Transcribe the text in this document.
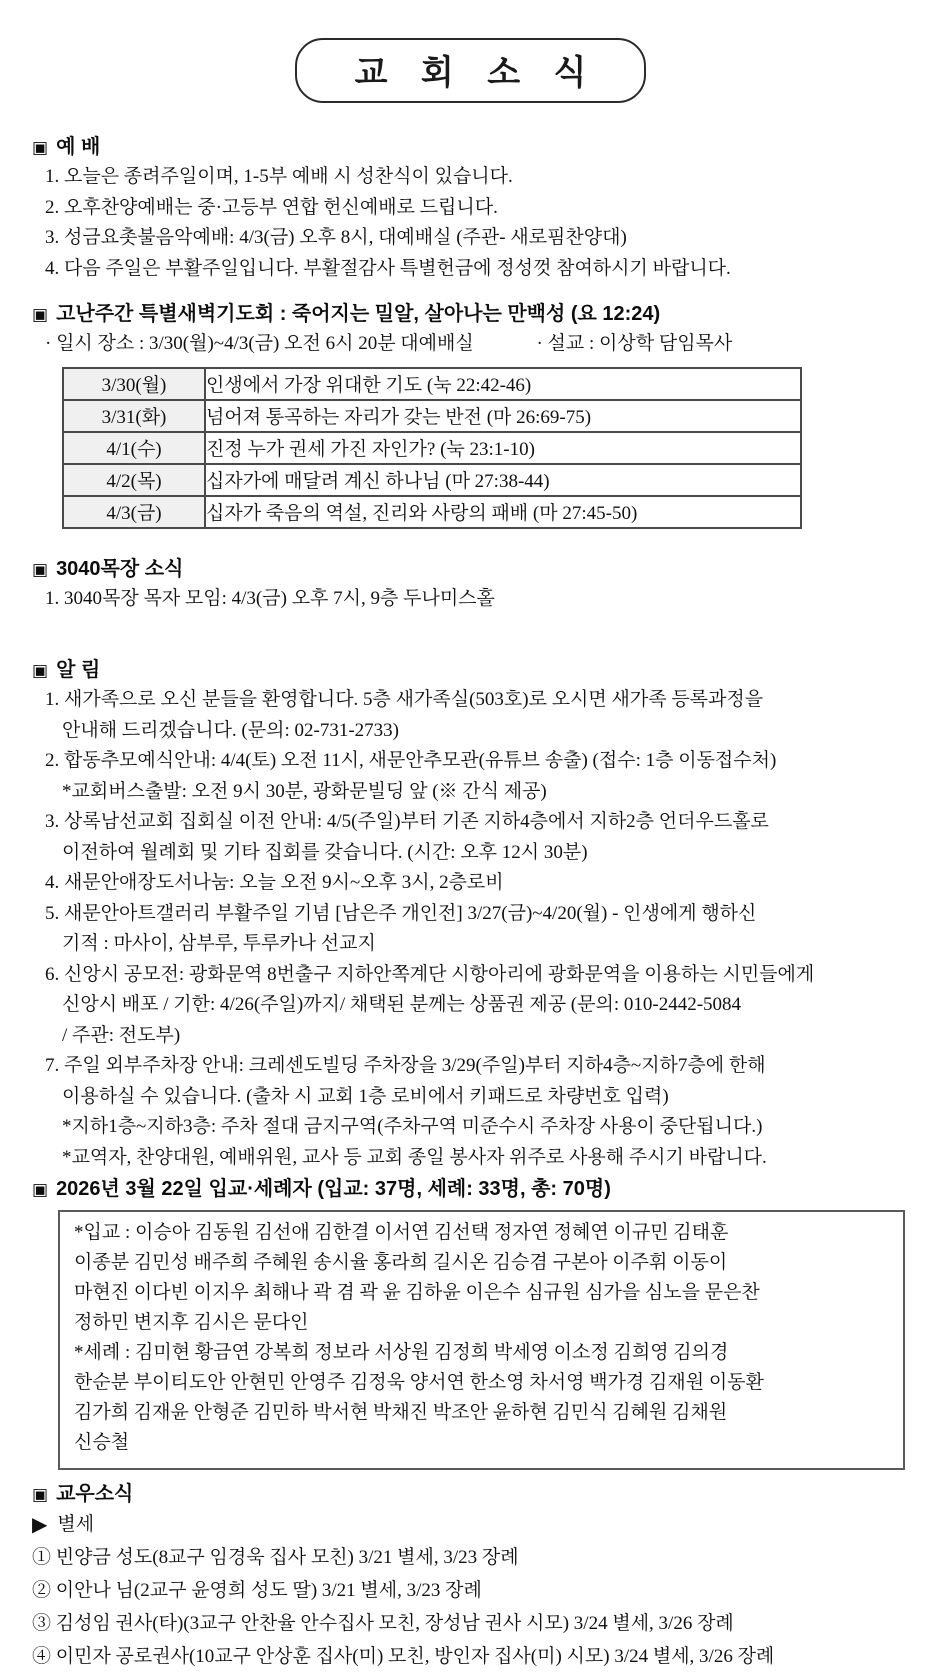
교 회 소 식
▣ 예 배
1. 오늘은 종려주일이며, 1-5부 예배 시 성찬식이 있습니다.
2. 오후찬양예배는 중·고등부 연합 헌신예배로 드립니다.
3. 성금요촛불음악예배: 4/3(금) 오후 8시, 대예배실 (주관- 새로핌찬양대)
4. 다음 주일은 부활주일입니다. 부활절감사 특별헌금에 정성껏 참여하시기 바랍니다.
▣ 고난주간 특별새벽기도회 : 죽어지는 밀알, 살아나는 만백성 (요 12:24)
· 일시 장소 : 3/30(월)~4/3(금) 오전 6시 20분 대예배실	· 설교 : 이상학 담임목사
3/30(월)	인생에서 가장 위대한 기도 (눅 22:42-46)
3/31(화)	넘어져 통곡하는 자리가 갖는 반전 (마 26:69-75)
4/1(수)	진정 누가 권세 가진 자인가? (눅 23:1-10)
4/2(목)	십자가에 매달려 계신 하나님 (마 27:38-44)
4/3(금)	십자가 죽음의 역설, 진리와 사랑의 패배 (마 27:45-50)
▣ 3040목장 소식
1. 3040목장 목자 모임: 4/3(금) 오후 7시, 9층 두나미스홀
▣ 알 림
1. 새가족으로 오신 분들을 환영합니다. 5층 새가족실(503호)로 오시면 새가족 등록과정을
안내해 드리겠습니다. (문의: 02-731-2733)
2. 합동추모예식안내: 4/4(토) 오전 11시, 새문안추모관(유튜브 송출) (접수: 1층 이동접수처)
*교회버스출발: 오전 9시 30분, 광화문빌딩 앞 (※ 간식 제공)
3. 상록남선교회 집회실 이전 안내: 4/5(주일)부터 기존 지하4층에서 지하2층 언더우드홀로
이전하여 월례회 및 기타 집회를 갖습니다. (시간: 오후 12시 30분)
4. 새문안애장도서나눔: 오늘 오전 9시~오후 3시, 2층로비
5. 새문안아트갤러리 부활주일 기념 [남은주 개인전] 3/27(금)~4/20(월) - 인생에게 행하신
기적 : 마사이, 삼부루, 투루카나 선교지
6. 신앙시 공모전: 광화문역 8번출구 지하안쪽계단 시항아리에 광화문역을 이용하는 시민들에게
신앙시 배포 / 기한: 4/26(주일)까지/ 채택된 분께는 상품권 제공 (문의: 010-2442-5084
/ 주관: 전도부)
7. 주일 외부주차장 안내: 크레센도빌딩 주차장을 3/29(주일)부터 지하4층~지하7층에 한해
이용하실 수 있습니다. (출차 시 교회 1층 로비에서 키패드로 차량번호 입력)
*지하1층~지하3층: 주차 절대 금지구역(주차구역 미준수시 주차장 사용이 중단됩니다.)
*교역자, 찬양대원, 예배위원, 교사 등 교회 종일 봉사자 위주로 사용해 주시기 바랍니다.
▣ 2026년 3월 22일 입교·세례자 (입교: 37명, 세례: 33명, 총: 70명)
*입교 : 이승아 김동원 김선애 김한결 이서연 김선택 정자연 정혜연 이규민 김태훈
이종분 김민성 배주희 주혜원 송시율 홍라희 길시온 김승겸 구본아 이주휘 이동이
마현진 이다빈 이지우 최해나 곽 겸 곽 윤 김하윤 이은수 심규원 심가을 심노을 문은찬
정하민 변지후 김시은 문다인
*세례 : 김미현 황금연 강복희 정보라 서상원 김정희 박세영 이소정 김희영 김의경
한순분 부이티도안 안현민 안영주 김정욱 양서연 한소영 차서영 백가경 김재원 이동환
김가희 김재윤 안형준 김민하 박서현 박채진 박조안 윤하현 김민식 김혜원 김채원
신승철
▣ 교우소식
▶ 별세
① 빈양금 성도(8교구 임경욱 집사 모친) 3/21 별세, 3/23 장례
② 이안나 님(2교구 윤영희 성도 딸) 3/21 별세, 3/23 장례
③ 김성임 권사(타)(3교구 안찬율 안수집사 모친, 장성남 권사 시모) 3/24 별세, 3/26 장례
④ 이민자 공로권사(10교구 안상훈 집사(미) 모친, 방인자 집사(미) 시모) 3/24 별세, 3/26 장례
